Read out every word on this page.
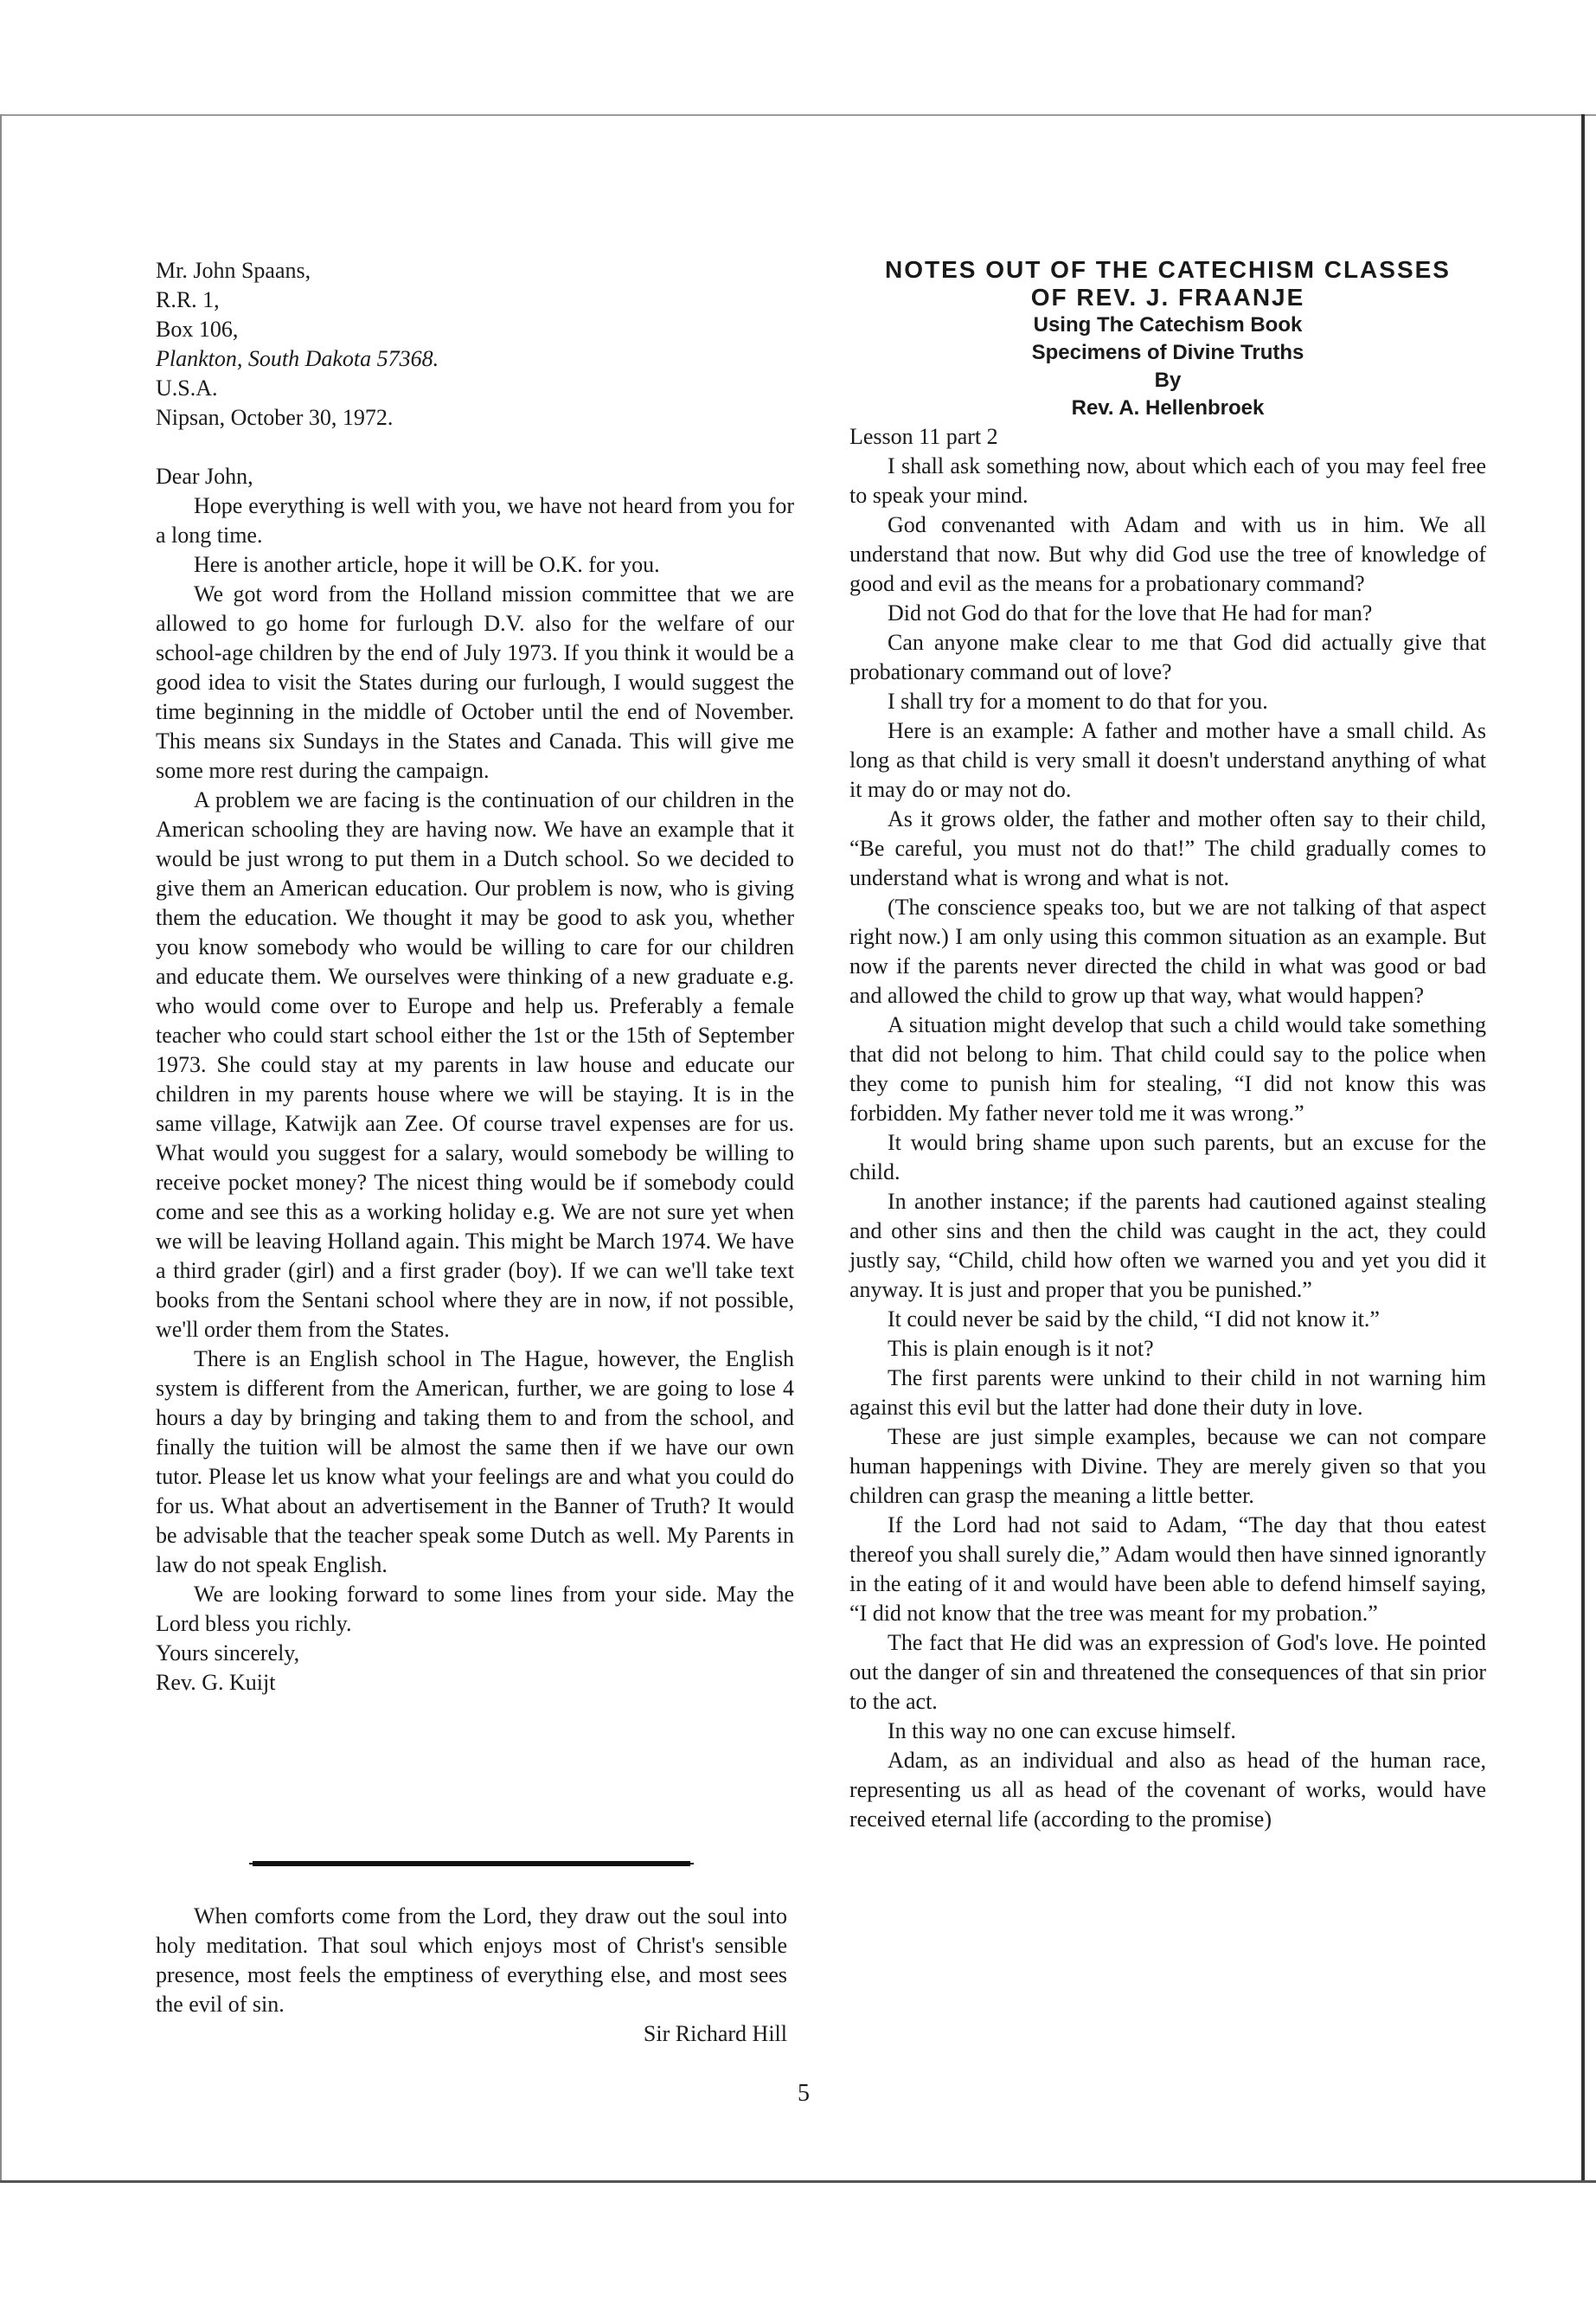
Mr. John Spaans,

R.R. 1,

Box 106,

Plankton, South Dakota 57368.

U.S.A.

Nipsan, October 30, 1972.

Dear John,

Hope everything is well with you, we have not heard from you for a long time.

Here is another article, hope it will be O.K. for you.

We got word from the Holland mission committee that we are allowed to go home for furlough D.V. also for the welfare of our school-age children by the end of July 1973. If you think it would be a good idea to visit the States during our furlough, I would suggest the time beginning in the middle of October until the end of November. This means six Sundays in the States and Canada. This will give me some more rest during the campaign.

A problem we are facing is the continuation of our children in the American schooling they are having now. We have an example that it would be just wrong to put them in a Dutch school. So we decided to give them an American education. Our problem is now, who is giving them the education. We thought it may be good to ask you, whether you know somebody who would be willing to care for our children and educate them. We ourselves were thinking of a new graduate e.g. who would come over to Europe and help us. Preferably a female teacher who could start school either the 1st or the 15th of September 1973. She could stay at my parents in law house and educate our children in my parents house where we will be staying. It is in the same village, Katwijk aan Zee. Of course travel expenses are for us. What would you suggest for a salary, would somebody be willing to receive pocket money? The nicest thing would be if somebody could come and see this as a working holiday e.g. We are not sure yet when we will be leaving Holland again. This might be March 1974. We have a third grader (girl) and a first grader (boy). If we can we'll take text books from the Sentani school where they are in now, if not possible, we'll order them from the States.

There is an English school in The Hague, however, the English system is different from the American, further, we are going to lose 4 hours a day by bringing and taking them to and from the school, and finally the tuition will be almost the same then if we have our own tutor. Please let us know what your feelings are and what you could do for us. What about an advertisement in the Banner of Truth? It would be advisable that the teacher speak some Dutch as well. My Parents in law do not speak English.

We are looking forward to some lines from your side. May the Lord bless you richly.

Yours sincerely,

Rev. G. Kuijt

When comforts come from the Lord, they draw out the soul into holy meditation. That soul which enjoys most of Christ's sensible presence, most feels the emptiness of everything else, and most sees the evil of sin.

Sir Richard Hill

NOTES OUT OF THE CATECHISM CLASSES
OF REV. J. FRAANJE
Using The Catechism Book
Specimens of Divine Truths
By
Rev. A. Hellenbroek

Lesson 11 part 2

I shall ask something now, about which each of you may feel free to speak your mind.

God convenanted with Adam and with us in him. We all understand that now. But why did God use the tree of knowledge of good and evil as the means for a probationary command?

Did not God do that for the love that He had for man?

Can anyone make clear to me that God did actually give that probationary command out of love?

I shall try for a moment to do that for you.

Here is an example: A father and mother have a small child. As long as that child is very small it doesn't understand anything of what it may do or may not do.

As it grows older, the father and mother often say to their child, “Be careful, you must not do that!” The child gradually comes to understand what is wrong and what is not.

(The conscience speaks too, but we are not talking of that aspect right now.) I am only using this common situation as an example. But now if the parents never directed the child in what was good or bad and allowed the child to grow up that way, what would happen?

A situation might develop that such a child would take something that did not belong to him. That child could say to the police when they come to punish him for stealing, “I did not know this was forbidden. My father never told me it was wrong.”

It would bring shame upon such parents, but an excuse for the child.

In another instance; if the parents had cautioned against stealing and other sins and then the child was caught in the act, they could justly say, “Child, child how often we warned you and yet you did it anyway. It is just and proper that you be punished.”

It could never be said by the child, “I did not know it.”

This is plain enough is it not?

The first parents were unkind to their child in not warning him against this evil but the latter had done their duty in love.

These are just simple examples, because we can not compare human happenings with Divine. They are merely given so that you children can grasp the meaning a little better.

If the Lord had not said to Adam, “The day that thou eatest thereof you shall surely die,” Adam would then have sinned ignorantly in the eating of it and would have been able to defend himself saying, “I did not know that the tree was meant for my probation.”

The fact that He did was an expression of God's love. He pointed out the danger of sin and threatened the consequences of that sin prior to the act.

In this way no one can excuse himself.

Adam, as an individual and also as head of the human race, representing us all as head of the covenant of works, would have received eternal life (according to the promise)

5
